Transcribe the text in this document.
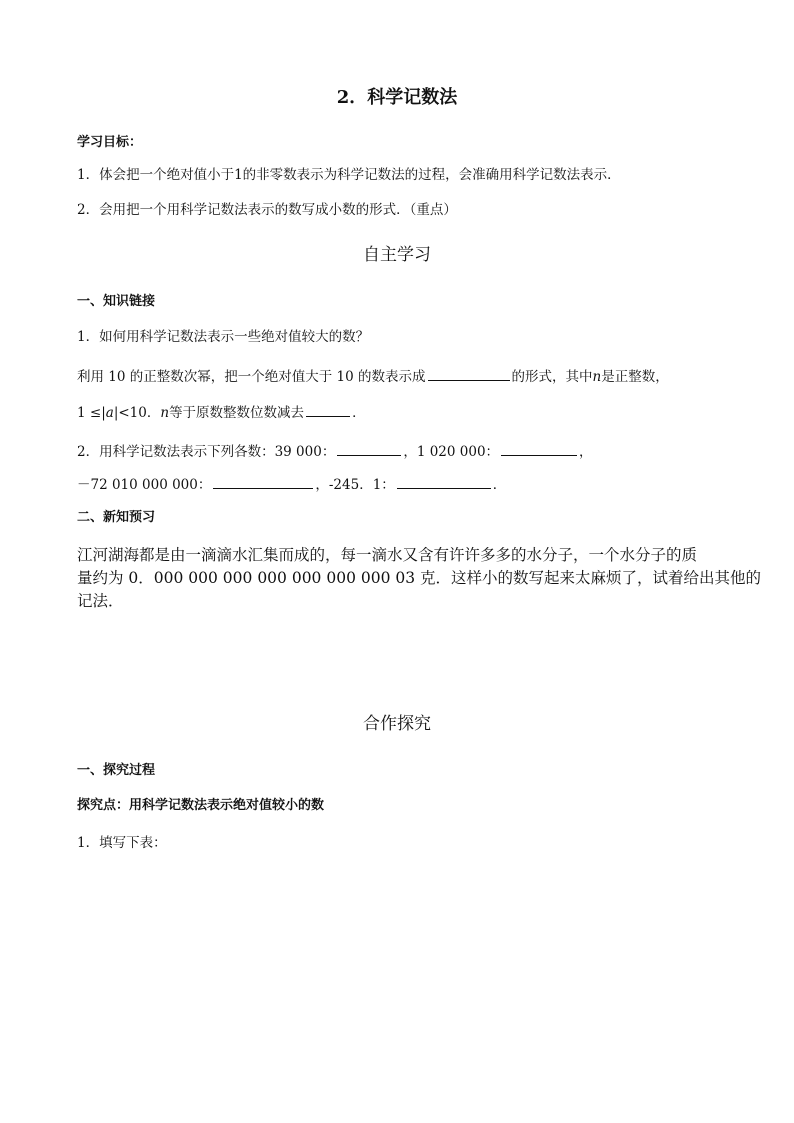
2．科学记数法
学习目标：
1．体会把一个绝对值小于1的非零数表示为科学记数法的过程，会准确用科学记数法表示．
2．会用把一个用科学记数法表示的数写成小数的形式．（重点）
自主学习
一、知识链接
1．如何用科学记数法表示一些绝对值较大的数？
利用 10 的正整数次幂，把一个绝对值大于 10 的数表示成	的形式，其中n是正整数，
1 ≤|a|<10．n等于原数整数位数减去	．
2．用科学记数法表示下列各数：39 000：	，1 020 000：	，
－72 010 000 000：	，-245．1：	．
二、新知预习
江河湖海都是由一滴滴水汇集而成的，每一滴水又含有许许多多的水分子，一个水分子的质
量约为 0．000 000 000 000 000 000 000 03 克．这样小的数写起来太麻烦了，试着给出其他的
记法．
合作探究
一、探究过程
探究点：用科学记数法表示绝对值较小的数
1．填写下表：
